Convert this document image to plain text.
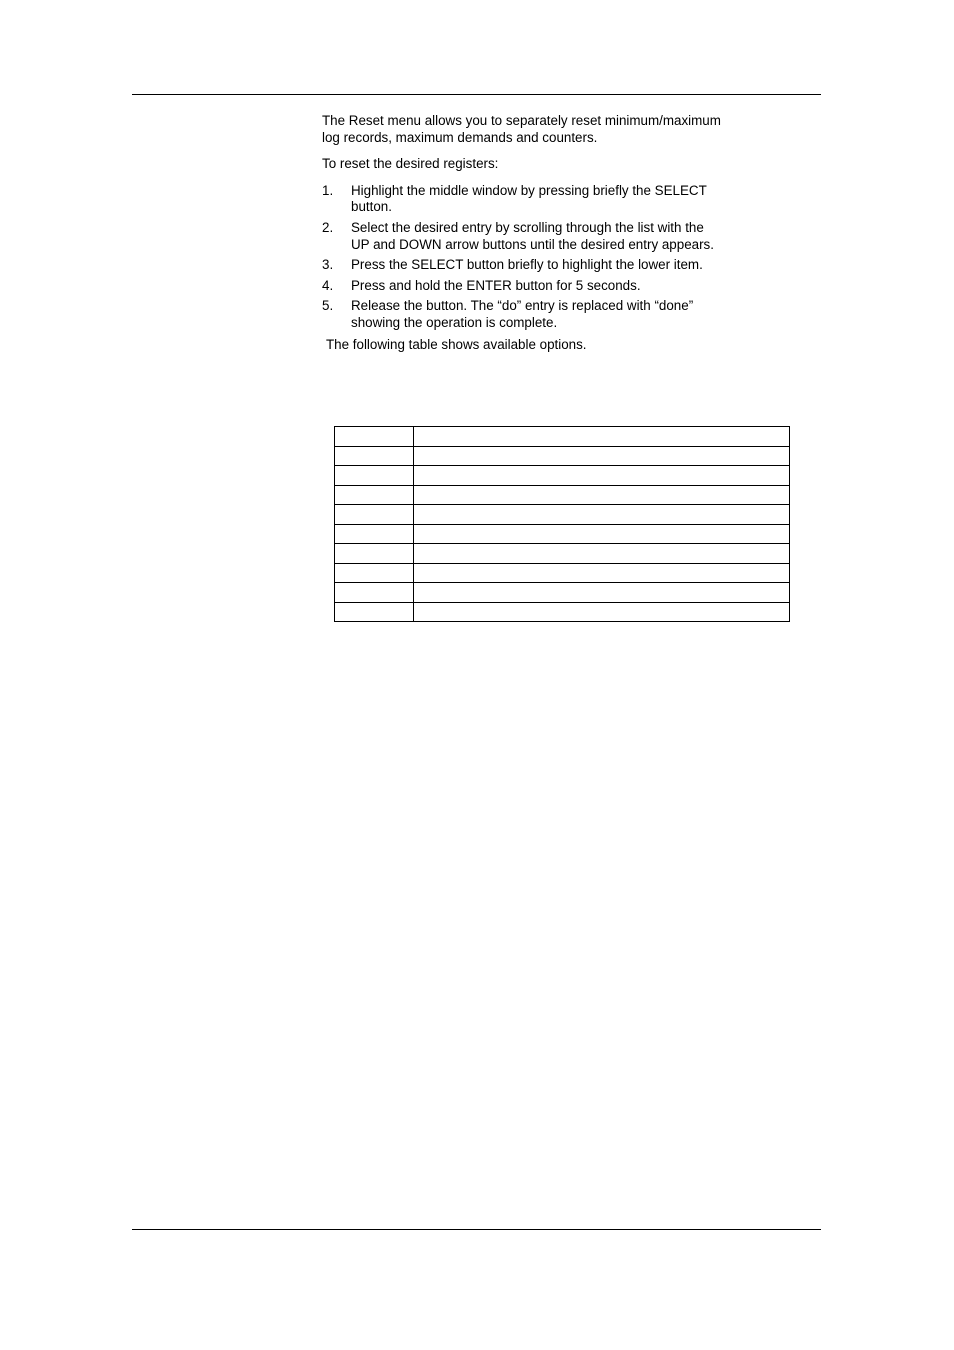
The Reset menu allows you to separately reset minimum/maximum log records, maximum demands and counters.

To reset the desired registers:

1. Highlight the middle window by pressing briefly the SELECT button.
2. Select the desired entry by scrolling through the list with the UP and DOWN arrow buttons until the desired entry appears.
3. Press the SELECT button briefly to highlight the lower item.
4. Press and hold the ENTER button for 5 seconds.
5. Release the button. The “do” entry is replaced with “done” showing the operation is complete.

The following table shows available options.
